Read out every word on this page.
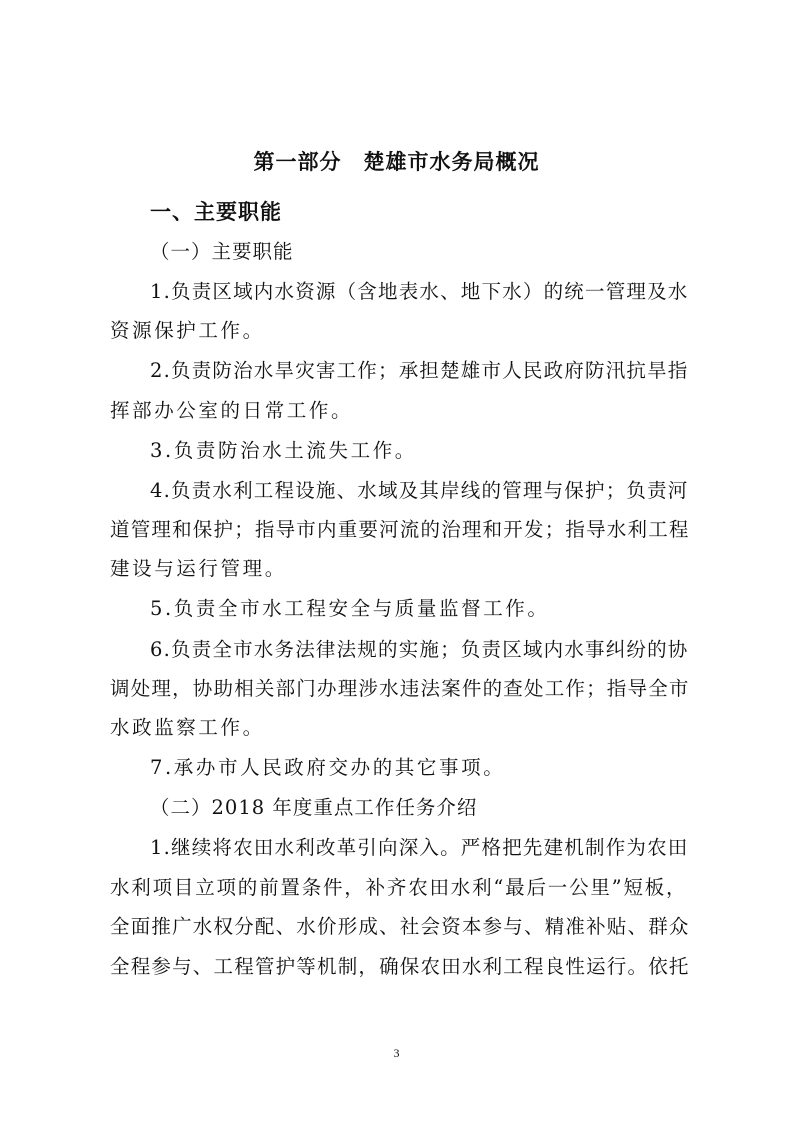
第一部分　楚雄市水务局概况
一、主要职能
（一）主要职能
1.负责区域内水资源（含地表水、地下水）的统一管理及水
资源保护工作。
2.负责防治水旱灾害工作；承担楚雄市人民政府防汛抗旱指
挥部办公室的日常工作。
3.负责防治水土流失工作。
4.负责水利工程设施、水域及其岸线的管理与保护；负责河
道管理和保护；指导市内重要河流的治理和开发；指导水利工程
建设与运行管理。
5.负责全市水工程安全与质量监督工作。
6.负责全市水务法律法规的实施；负责区域内水事纠纷的协
调处理，协助相关部门办理涉水违法案件的查处工作；指导全市
水政监察工作。
7.承办市人民政府交办的其它事项。
（二）2018 年度重点工作任务介绍
1.继续将农田水利改革引向深入。严格把先建机制作为农田
水利项目立项的前置条件，补齐农田水利“最后一公里”短板，
全面推广水权分配、水价形成、社会资本参与、精准补贴、群众
全程参与、工程管护等机制，确保农田水利工程良性运行。依托
3
